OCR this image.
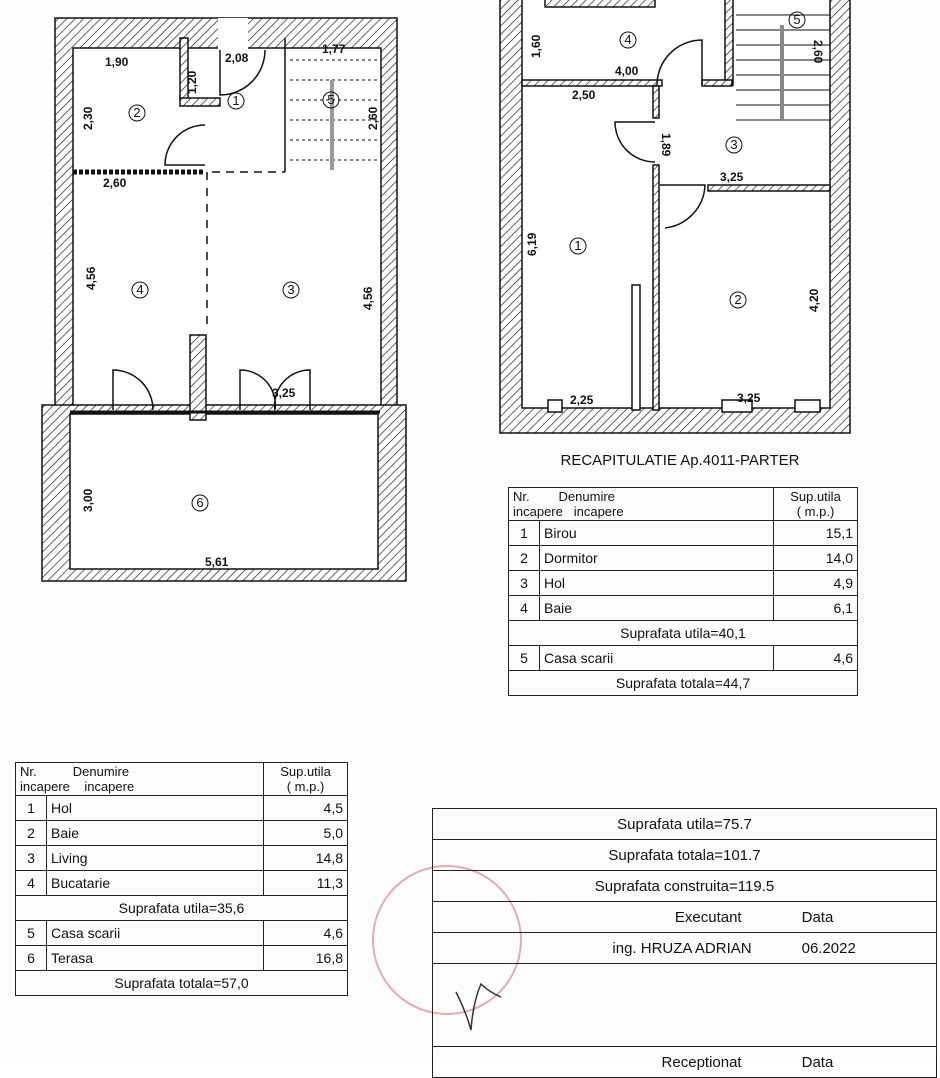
1
2
3
4
5
6
1,90	2,08
1,77
1,20
2,30	2,60
2,60
4,56
4,56
3,25
3,00
5,61
1
2
3
4
5
1,60
4,00
2,50
1,89
3,25
6,19
4,20
2,25	3,25
2,60
RECAPITULATIE Ap.4011-PARTER
Nr. Denumire
incapere incapere		Sup.utila
( m.p.)
1	Birou	15,1
2	Dormitor	14,0
3	Hol	4,9
4	Baie	6,1
Suprafata utila=40,1		
5	Casa scarii	4,6
Suprafata totala=44,7		
Nr. Denumire
incapere incapere		Sup.utila
( m.p.)
1	Hol	4,5
2	Baie	5,0
3	Living	14,8
4	Bucatarie	11,3
Suprafata utila=35,6		
5	Casa scarii	4,6
6	Terasa	16,8
Suprafata totala=57,0		
Suprafata utila=75.7	
Suprafata totala=101.7	
Suprafata construita=119.5	
Executant	Data
ing. HRUZA ADRIAN	06.2022

Receptionat	Data
